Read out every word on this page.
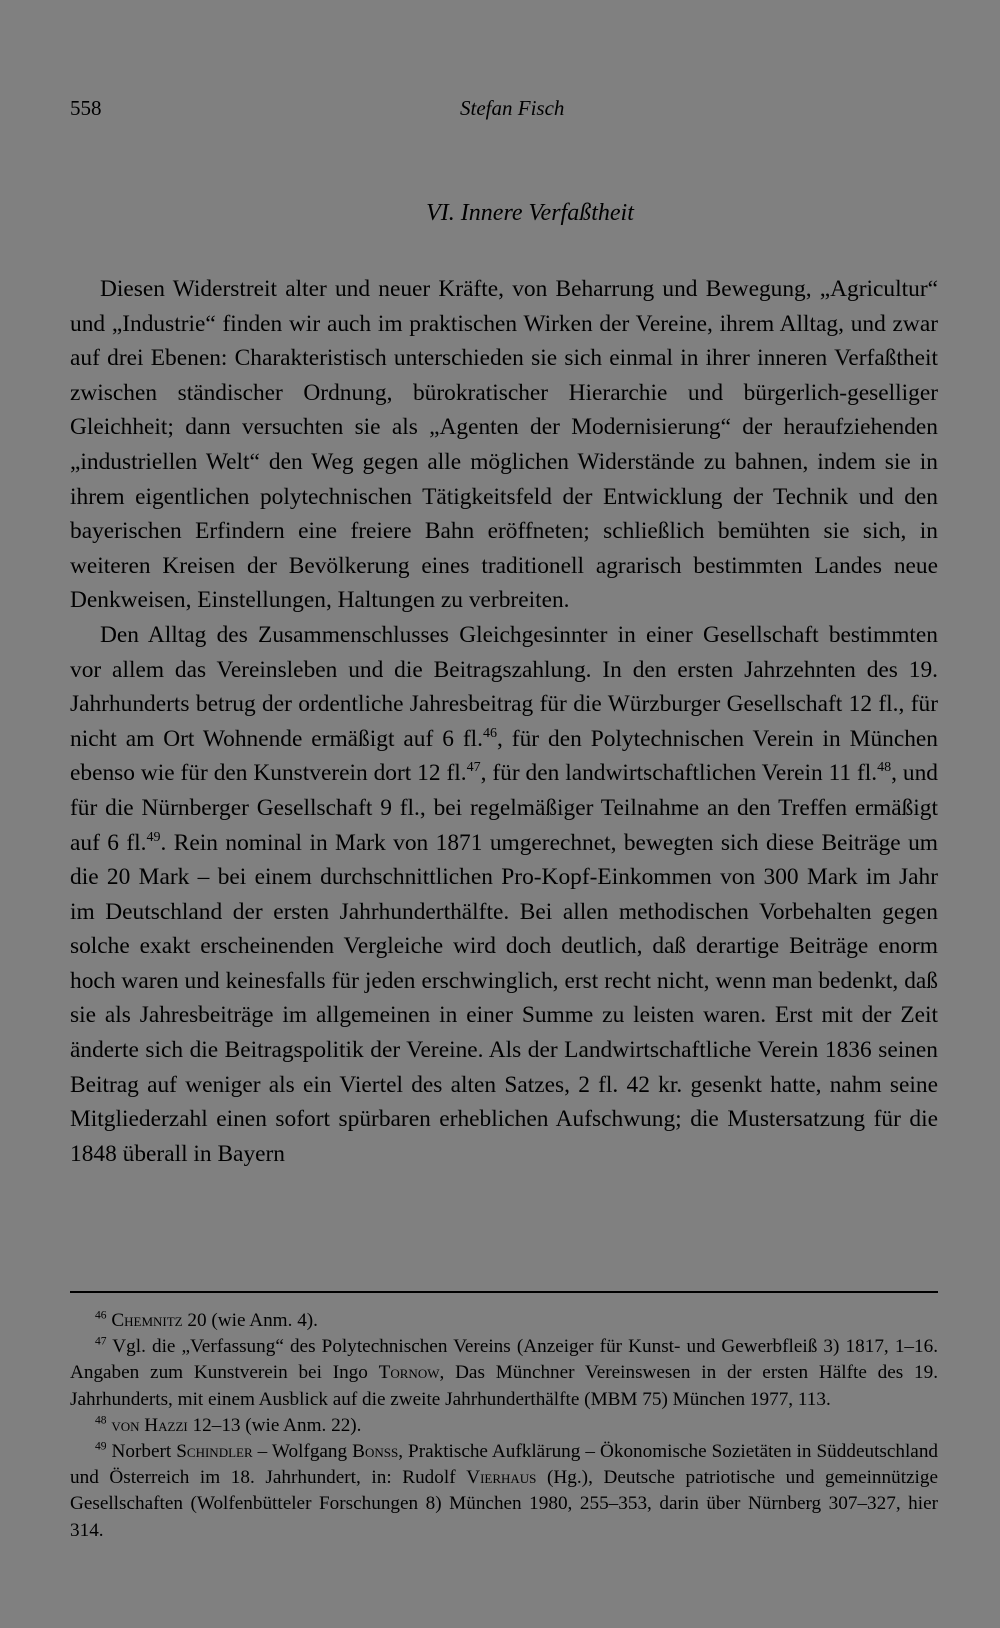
558	Stefan Fisch
VI. Innere Verfaßtheit

Diesen Widerstreit alter und neuer Kräfte, von Beharrung und Bewegung, „Agricultur“ und „Industrie“ finden wir auch im praktischen Wirken der Vereine, ihrem Alltag, und zwar auf drei Ebenen: Charakteristisch unterschieden sie sich einmal in ihrer inneren Verfaßtheit zwischen ständischer Ordnung, bürokratischer Hierarchie und bürgerlich-geselliger Gleichheit; dann versuchten sie als „Agenten der Modernisierung“ der heraufziehenden „industriellen Welt“ den Weg gegen alle möglichen Widerstände zu bahnen, indem sie in ihrem eigentlichen polytechnischen Tätigkeitsfeld der Entwicklung der Technik und den bayerischen Erfindern eine freiere Bahn eröffneten; schließlich bemühten sie sich, in weiteren Kreisen der Bevölkerung eines traditionell agrarisch bestimmten Landes neue Denkweisen, Einstellungen, Haltungen zu verbreiten.

Den Alltag des Zusammenschlusses Gleichgesinnter in einer Gesellschaft bestimmten vor allem das Vereinsleben und die Beitragszahlung. In den ersten Jahrzehnten des 19. Jahrhunderts betrug der ordentliche Jahresbeitrag für die Würzburger Gesellschaft 12 fl., für nicht am Ort Wohnende ermäßigt auf 6 fl.$^{46}$, für den Polytechnischen Verein in München ebenso wie für den Kunstverein dort 12 fl.$^{47}$, für den landwirtschaftlichen Verein 11 fl.$^{48}$, und für die Nürnberger Gesellschaft 9 fl., bei regelmäßiger Teilnahme an den Treffen ermäßigt auf 6 fl.$^{49}$. Rein nominal in Mark von 1871 umgerechnet, bewegten sich diese Beiträge um die 20 Mark – bei einem durchschnittlichen Pro-Kopf-Einkommen von 300 Mark im Jahr im Deutschland der ersten Jahrhunderthälfte. Bei allen methodischen Vorbehalten gegen solche exakt erscheinenden Vergleiche wird doch deutlich, daß derartige Beiträge enorm hoch waren und keinesfalls für jeden erschwinglich, erst recht nicht, wenn man bedenkt, daß sie als Jahresbeiträge im allgemeinen in einer Summe zu leisten waren. Erst mit der Zeit änderte sich die Beitragspolitik der Vereine. Als der Landwirtschaftliche Verein 1836 seinen Beitrag auf weniger als ein Viertel des alten Satzes, 2 fl. 42 kr. gesenkt hatte, nahm seine Mitgliederzahl einen sofort spürbaren erheblichen Aufschwung; die Mustersatzung für die 1848 überall in Bayern

$^{46}$ Chemnitz 20 (wie Anm. 4).

$^{47}$ Vgl. die „Verfassung“ des Polytechnischen Vereins (Anzeiger für Kunst- und Gewerbfleiß 3) 1817, 1–16. Angaben zum Kunstverein bei Ingo Tornow, Das Münchner Vereinswesen in der ersten Hälfte des 19. Jahrhunderts, mit einem Ausblick auf die zweite Jahrhunderthälfte (MBM 75) München 1977, 113.

$^{48}$ von Hazzi 12–13 (wie Anm. 22).

$^{49}$ Norbert Schindler – Wolfgang Bonss, Praktische Aufklärung – Ökonomische Sozietäten in Süddeutschland und Österreich im 18. Jahrhundert, in: Rudolf Vierhaus (Hg.), Deutsche patriotische und gemeinnützige Gesellschaften (Wolfenbütteler Forschungen 8) München 1980, 255–353, darin über Nürnberg 307–327, hier 314.
